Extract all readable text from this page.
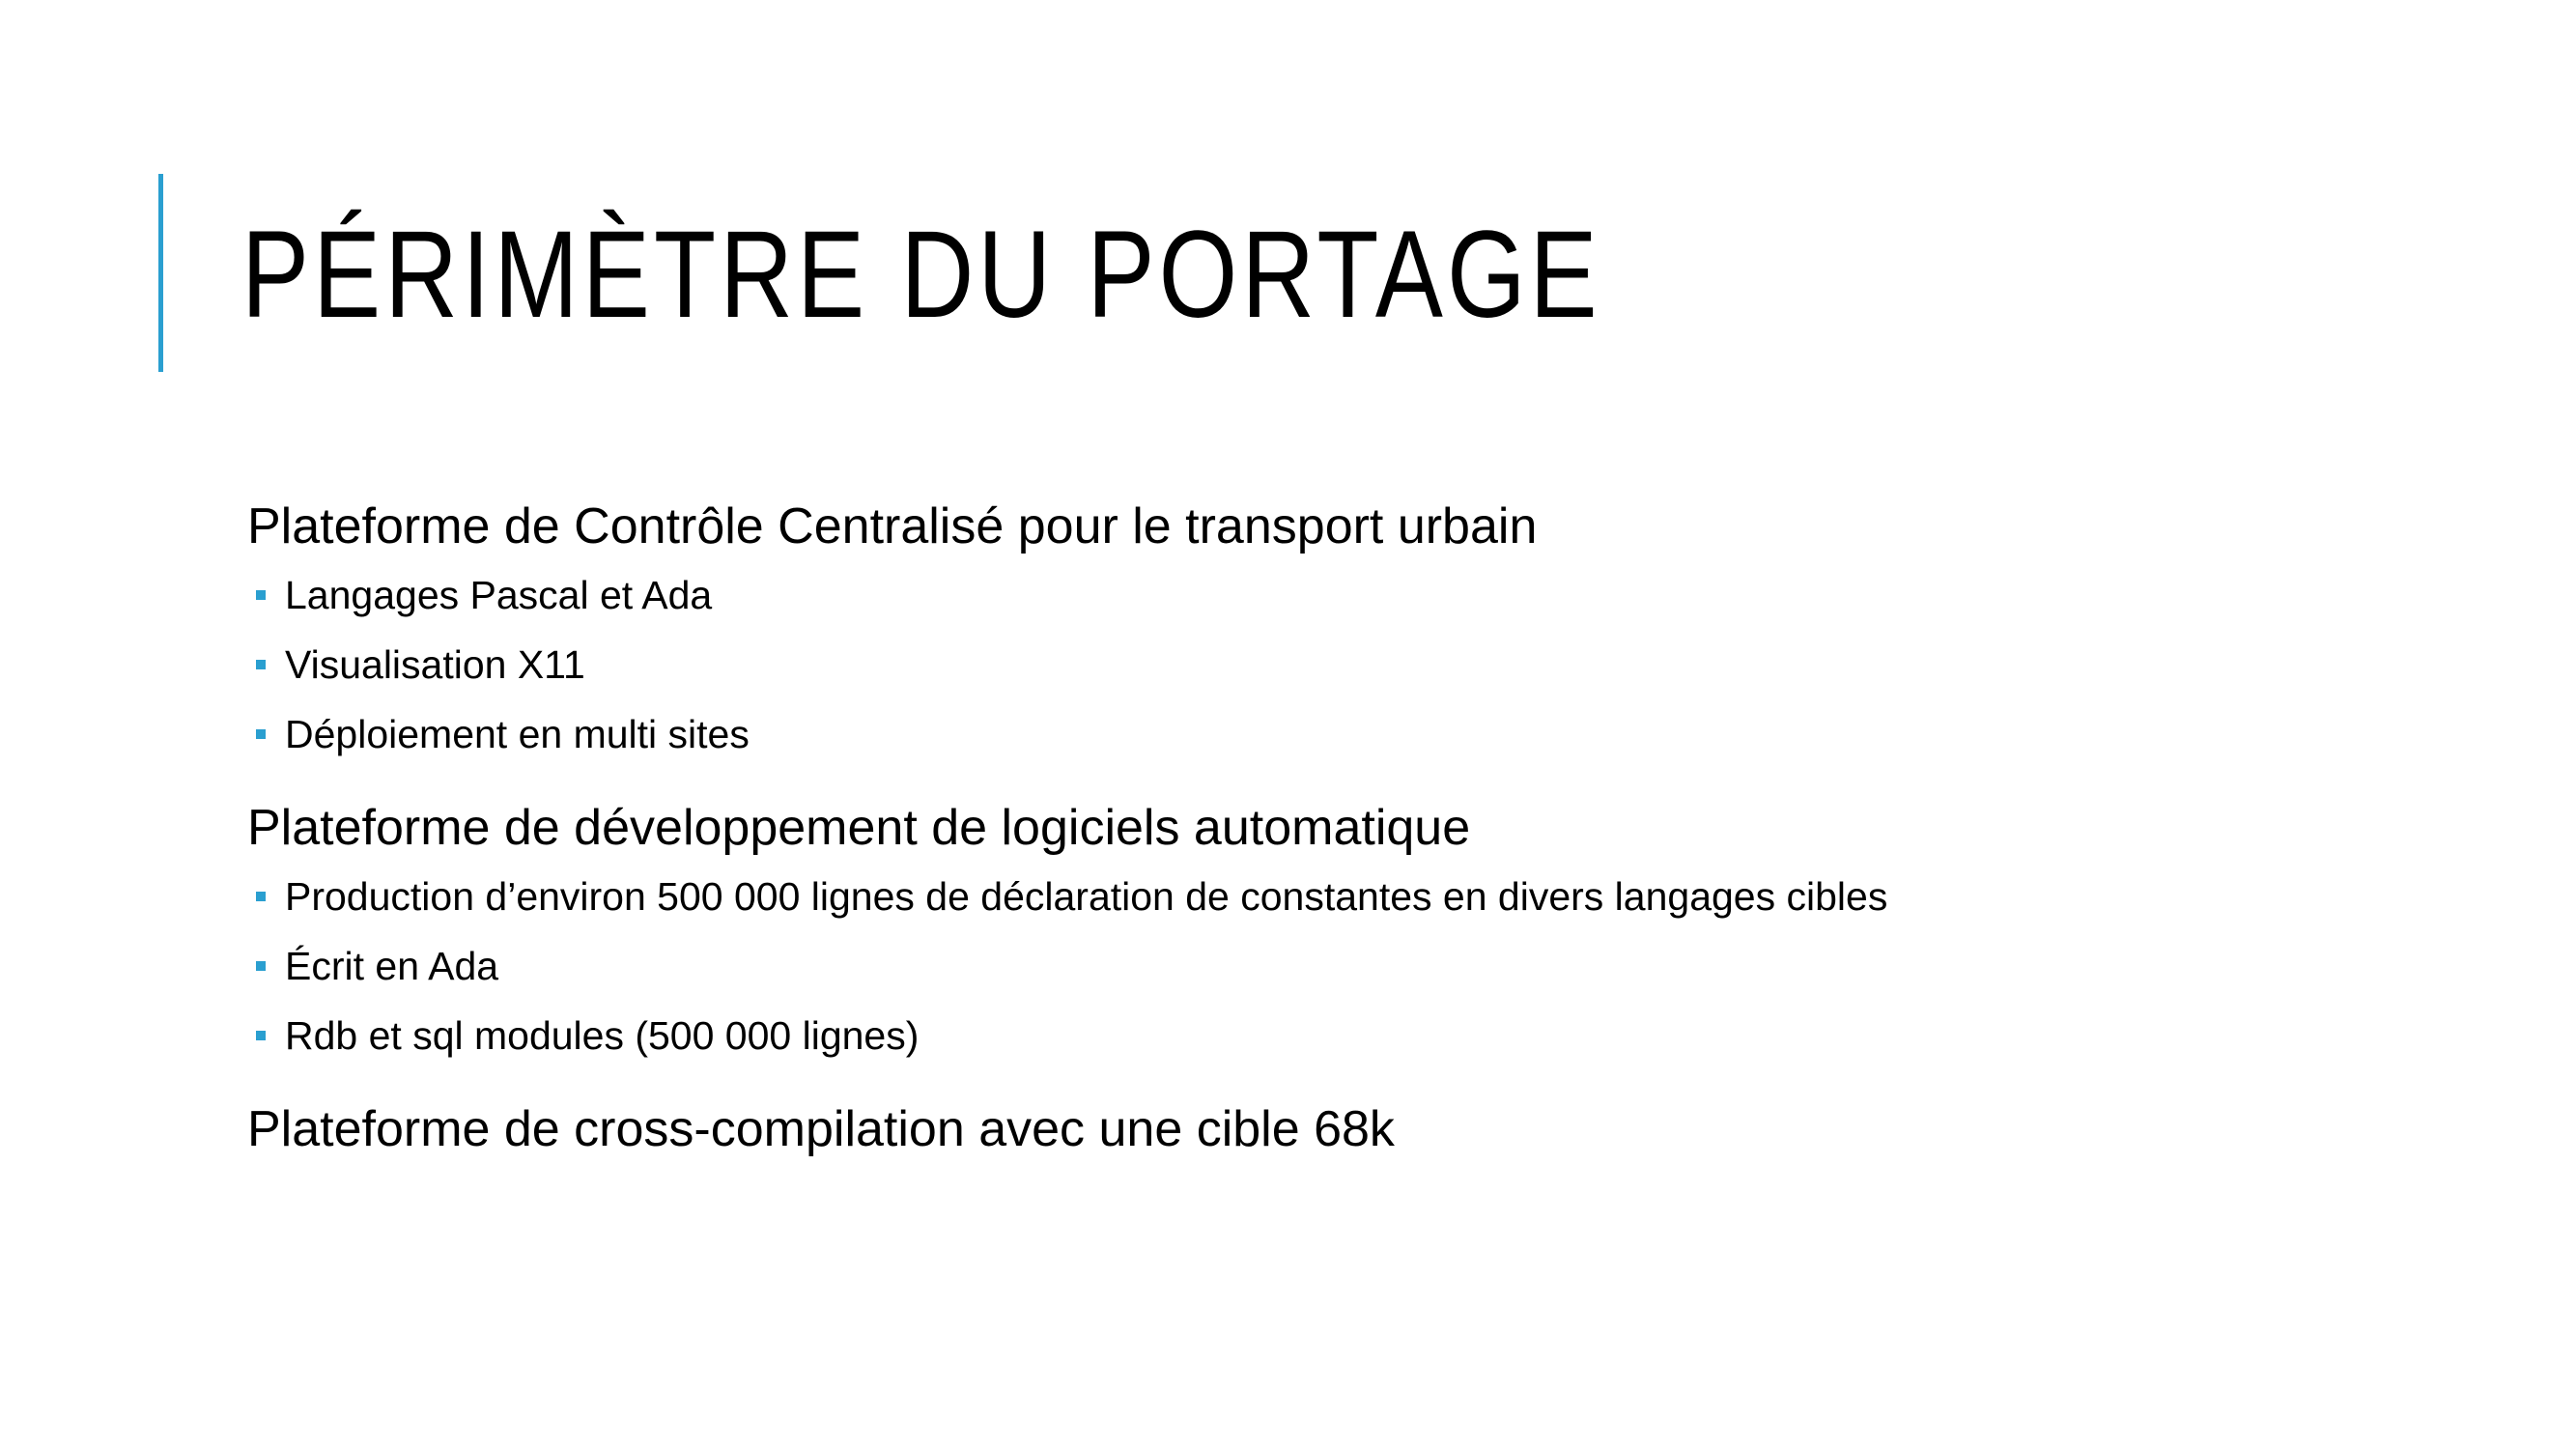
PÉRIMÈTRE DU PORTAGE
Plateforme de Contrôle Centralisé pour le transport urbain
Langages Pascal et Ada
Visualisation X11
Déploiement en multi sites
Plateforme de développement de logiciels automatique
Production d’environ 500 000 lignes de déclaration de constantes en divers langages cibles
Écrit en Ada
Rdb et sql modules (500 000 lignes)
Plateforme de cross-compilation avec une cible 68k
